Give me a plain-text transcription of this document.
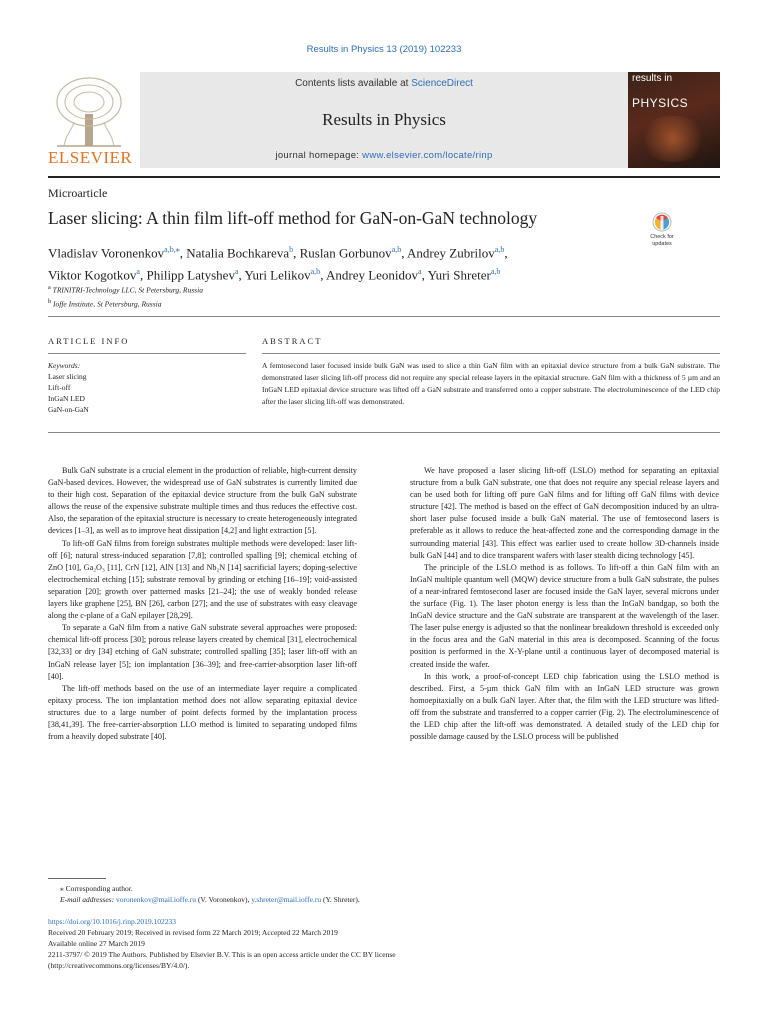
Results in Physics 13 (2019) 102233
ELSEVIER
Contents lists available at ScienceDirect
Results in Physics
journal homepage: www.elsevier.com/locate/rinp
results in
PHYSICS
Microarticle
Laser slicing: A thin film lift-off method for GaN-on-GaN technology
Check for updates
Vladislav Voronenkov$^{a,b,⁎}$, Natalia Bochkareva$^b$, Ruslan Gorbunov$^{a,b}$, Andrey Zubrilov$^{a,b}$,
Viktor Kogotkov$^a$, Philipp Latyshev$^a$, Yuri Lelikov$^{a,b}$, Andrey Leonidov$^a$, Yuri Shreter$^{a,b}$
$^a$ TRINITRI-Technology LLC, St Petersburg, Russia
$^b$ Ioffe Institute, St Petersburg, Russia
ARTICLE INFO	ABSTRACT
Keywords:
Laser slicing
Lift-off
InGaN LED
GaN-on-GaN
A femtosecond laser focused inside bulk GaN was used to slice a thin GaN film with an epitaxial device structure from a bulk GaN substrate. The demonstrated laser slicing lift-off process did not require any special release layers in the epitaxial structure. GaN film with a thickness of 5 µm and an InGaN LED epitaxial device structure was lifted off a GaN substrate and transferred onto a copper substrate. The electroluminescence of the LED chip after the laser slicing lift-off was demonstrated.

Bulk GaN substrate is a crucial element in the production of reliable, high-current density GaN-based devices. However, the widespread use of GaN substrates is currently limited due to their high cost. Separation of the epitaxial device structure from the bulk GaN substrate allows the reuse of the expensive substrate multiple times and thus reduces the effective cost. Also, the separation of the epitaxial structure is necessary to create heterogeneously integrated devices [1–3], as well as to improve heat dissipation [4,2] and light extraction [5].

To lift-off GaN films from foreign substrates multiple methods were developed: laser lift-off [6]; natural stress-induced separation [7,8]; controlled spalling [9]; chemical etching of ZnO [10], Ga₂O₃ [11], CrN [12], AlN [13] and Nb₂N [14] sacrificial layers; doping-selective electrochemical etching [15]; substrate removal by grinding or etching [16–19]; void-assisted separation [20]; growth over patterned masks [21–24]; the use of weakly bonded release layers like graphene [25], BN [26], carbon [27]; and the use of substrates with easy cleavage along the c-plane of a GaN epilayer [28,29].

To separate a GaN film from a native GaN substrate several approaches were proposed: chemical lift-off process [30]; porous release layers created by chemical [31], electrochemical [32,33] or dry [34] etching of GaN substrate; controlled spalling [35]; laser lift-off with an InGaN release layer [5]; ion implantation [36–39]; and free-carrier-absorption laser lift-off [40].

The lift-off methods based on the use of an intermediate layer require a complicated epitaxy process. The ion implantation method does not allow separating epitaxial device structures due to a large number of point defects formed by the implantation process [38,41,39]. The free-carrier-absorption LLO method is limited to separating undoped films from a heavily doped substrate [40].

We have proposed a laser slicing lift-off (LSLO) method for separating an epitaxial structure from a bulk GaN substrate, one that does not require any special release layers and can be used both for lifting off pure GaN films and for lifting off GaN films with device structure [42]. The method is based on the effect of GaN decomposition induced by an ultra-short laser pulse focused inside a bulk GaN material. The use of femtosecond lasers is preferable as it allows to reduce the heat-affected zone and the corresponding damage in the surrounding material [43]. This effect was earlier used to create hollow 3D-channels inside bulk GaN [44] and to dice transparent wafers with laser stealth dicing technology [45].

The principle of the LSLO method is as follows. To lift-off a thin GaN film with an InGaN multiple quantum well (MQW) device structure from a bulk GaN substrate, the pulses of a near-infrared femtosecond laser are focused inside the GaN layer, several microns under the surface (Fig. 1). The laser photon energy is less than the InGaN bandgap, so both the InGaN device structure and the GaN substrate are transparent at the wavelength of the laser. The laser pulse energy is adjusted so that the nonlinear breakdown threshold is exceeded only in the focus area and the GaN material in this area is decomposed. Scanning of the focus position is performed in the X-Y-plane until a continuous layer of decomposed material is created inside the wafer.

In this work, a proof-of-concept LED chip fabrication using the LSLO method is described. First, a 5-µm thick GaN film with an InGaN LED structure was grown homoepitaxially on a bulk GaN layer. After that, the film with the LED structure was lifted-off from the substrate and transferred to a copper carrier (Fig. 2). The electroluminescence of the LED chip after the lift-off was demonstrated. A detailed study of the LED chip for possible damage caused by the LSLO process will be published

⁎ Corresponding author.
E-mail addresses: voronenkov@mail.ioffe.ru (V. Voronenkov), y.shreter@mail.ioffe.ru (Y. Shreter).
https://doi.org/10.1016/j.rinp.2019.102233
Received 20 February 2019; Received in revised form 22 March 2019; Accepted 22 March 2019
Available online 27 March 2019
2211-3797/ © 2019 The Authors. Published by Elsevier B.V. This is an open access article under the CC BY license
(http://creativecommons.org/licenses/BY/4.0/).
